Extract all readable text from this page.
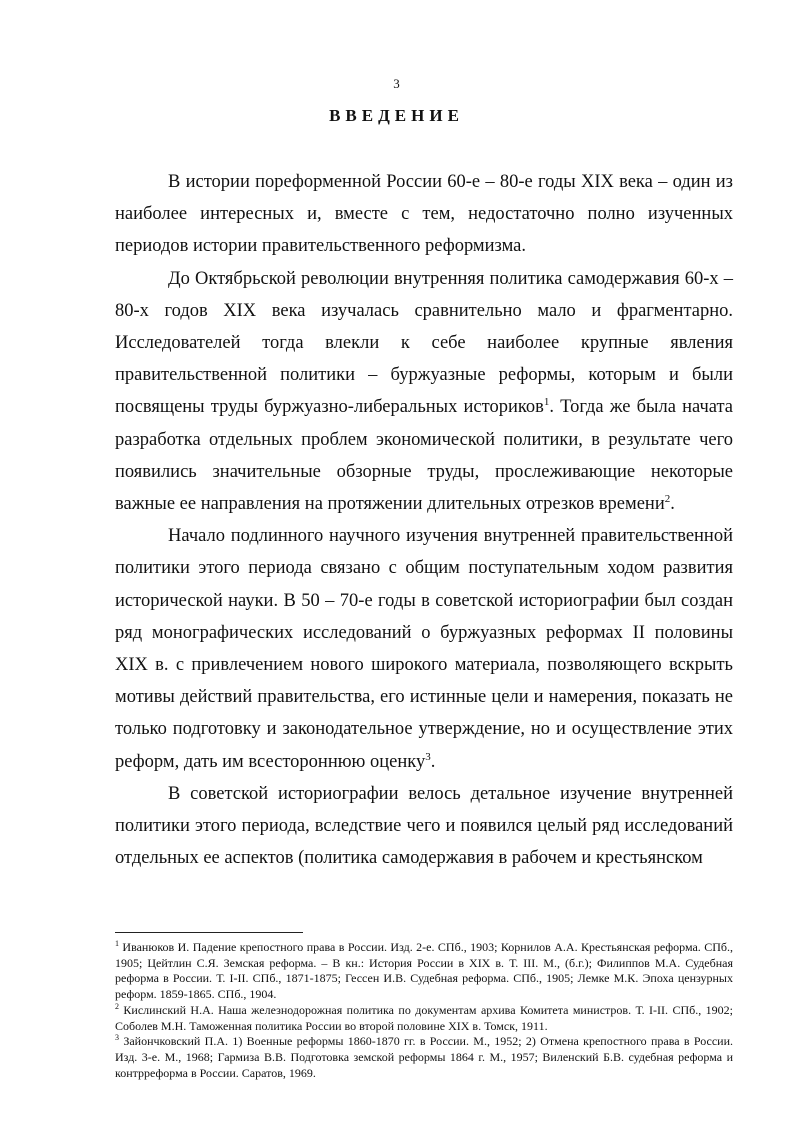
3
ВВЕДЕНИЕ

В истории пореформенной России 60-е – 80-е годы XIX века – один из наиболее интересных и, вместе с тем, недостаточно полно изученных периодов истории правительственного реформизма.

До Октябрьской революции внутренняя политика самодержавия 60-х – 80-х годов XIX века изучалась сравнительно мало и фрагментарно. Исследователей тогда влекли к себе наиболее крупные явления правительственной политики – буржуазные реформы, которым и были посвящены труды буржуазно-либеральных историков$^1$. Тогда же была начата разработка отдельных проблем экономической политики, в результате чего появились значительные обзорные труды, прослеживающие некоторые важные ее направления на протяжении длительных отрезков времени$^2$.

Начало подлинного научного изучения внутренней правительственной политики этого периода связано с общим поступательным ходом развития исторической науки. В 50 – 70-е годы в советской историографии был создан ряд монографических исследований о буржуазных реформах II половины XIX в. с привлечением нового широкого материала, позволяющего вскрыть мотивы действий правительства, его истинные цели и намерения, показать не только подготовку и законодательное утверждение, но и осуществление этих реформ, дать им всестороннюю оценку$^3$.

В советской историографии велось детальное изучение внутренней политики этого периода, вследствие чего и появился целый ряд исследований отдельных ее аспектов (политика самодержавия в рабочем и крестьянском

$^1$ Иванюков И. Падение крепостного права в России. Изд. 2-е. СПб., 1903; Корнилов А.А. Крестьянская реформа. СПб., 1905; Цейтлин С.Я. Земская реформа. – В кн.: История России в XIX в. Т. III. М., (б.г.); Филиппов М.А. Судебная реформа в России. Т. I-II. СПб., 1871-1875; Гессен И.В. Судебная реформа. СПб., 1905; Лемке М.К. Эпоха цензурных реформ. 1859-1865. СПб., 1904.

$^2$ Кислинский Н.А. Наша железнодорожная политика по документам архива Комитета министров. Т. I-II. СПб., 1902; Соболев М.Н. Таможенная политика России во второй половине XIX в. Томск, 1911.

$^3$ Зайончковский П.А. 1) Военные реформы 1860-1870 гг. в России. М., 1952; 2) Отмена крепостного права в России. Изд. 3-е. М., 1968; Гармиза В.В. Подготовка земской реформы 1864 г. М., 1957; Виленский Б.В. судебная реформа и контрреформа в России. Саратов, 1969.
